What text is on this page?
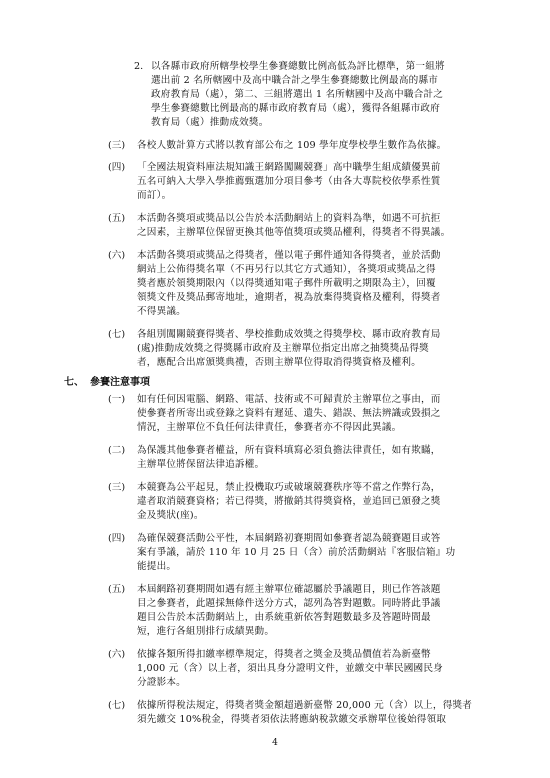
2. 以各縣市政府所轄學校學生參賽總數比例高低為評比標準，第一組將
選出前 2 名所轄國中及高中職合計之學生參賽總數比例最高的縣市
政府教育局（處），第二、三組將選出 1 名所轄國中及高中職合計之
學生參賽總數比例最高的縣市政府教育局（處），獲得各組縣市政府
教育局（處）推動成效獎。
(三) 各校人數計算方式將以教育部公布之 109 學年度學校學生數作為依據。
(四) 「全國法規資料庫法規知識王網路闖關競賽」高中職學生組成績優異前
五名可納入大學入學推薦甄選加分項目參考（由各大專院校依學系性質
而訂）。
(五) 本活動各獎項或獎品以公告於本活動網站上的資料為準，如遇不可抗拒
之因素，主辦單位保留更換其他等值獎項或獎品權利，得獎者不得異議。
(六) 本活動各獎項或獎品之得獎者，僅以電子郵件通知各得獎者，並於活動
網站上公佈得獎名單（不再另行以其它方式通知），各獎項或獎品之得
獎者應於領獎期限內（以得獎通知電子郵件所載明之期限為主），回覆
領獎文件及獎品郵寄地址，逾期者，視為放棄得獎資格及權利，得獎者
不得異議。
(七) 各組別闖關競賽得獎者、學校推動成效獎之得獎學校、縣市政府教育局
(處)推動成效獎之得獎縣市政府及主辦單位指定出席之抽獎獎品得獎
者，應配合出席頒獎典禮，否則主辦單位得取消得獎資格及權利。
七、 參賽注意事項
(一) 如有任何因電腦、網路、電話、技術或不可歸責於主辦單位之事由，而
使參賽者所寄出或登錄之資料有遲延、遺失、錯誤、無法辨識或毀損之
情況，主辦單位不負任何法律責任，參賽者亦不得因此異議。
(二) 為保護其他參賽者權益，所有資料填寫必須負擔法律責任，如有欺瞞，
主辦單位將保留法律追訴權。
(三) 本競賽為公平起見，禁止投機取巧或破壞競賽秩序等不當之作弊行為，
違者取消競賽資格；若已得獎，將撤銷其得獎資格，並追回已頒發之獎
金及獎狀(座)。
(四) 為確保競賽活動公平性，本屆網路初賽期間如參賽者認為競賽題目或答
案有爭議，請於 110 年 10 月 25 日（含）前於活動網站『客服信箱』功
能提出。
(五) 本屆網路初賽期間如遇有經主辦單位確認屬於爭議題目，則已作答該題
目之參賽者，此題採無條件送分方式，認列為答對題數。同時將此爭議
題目公告於本活動網站上，由系統重新依答對題數最多及答題時間最
短，進行各組別排行成績異動。
(六) 依據各類所得扣繳率標準規定，得獎者之獎金及獎品價值若為新臺幣
1,000 元（含）以上者，須出具身分證明文件，並繳交中華民國國民身
分證影本。
(七) 依據所得稅法規定，得獎者獎金額超過新臺幣 20,000 元（含）以上，得獎者
須先繳交 10%稅金，得獎者須依法將應納稅款繳交承辦單位後始得領取
4
